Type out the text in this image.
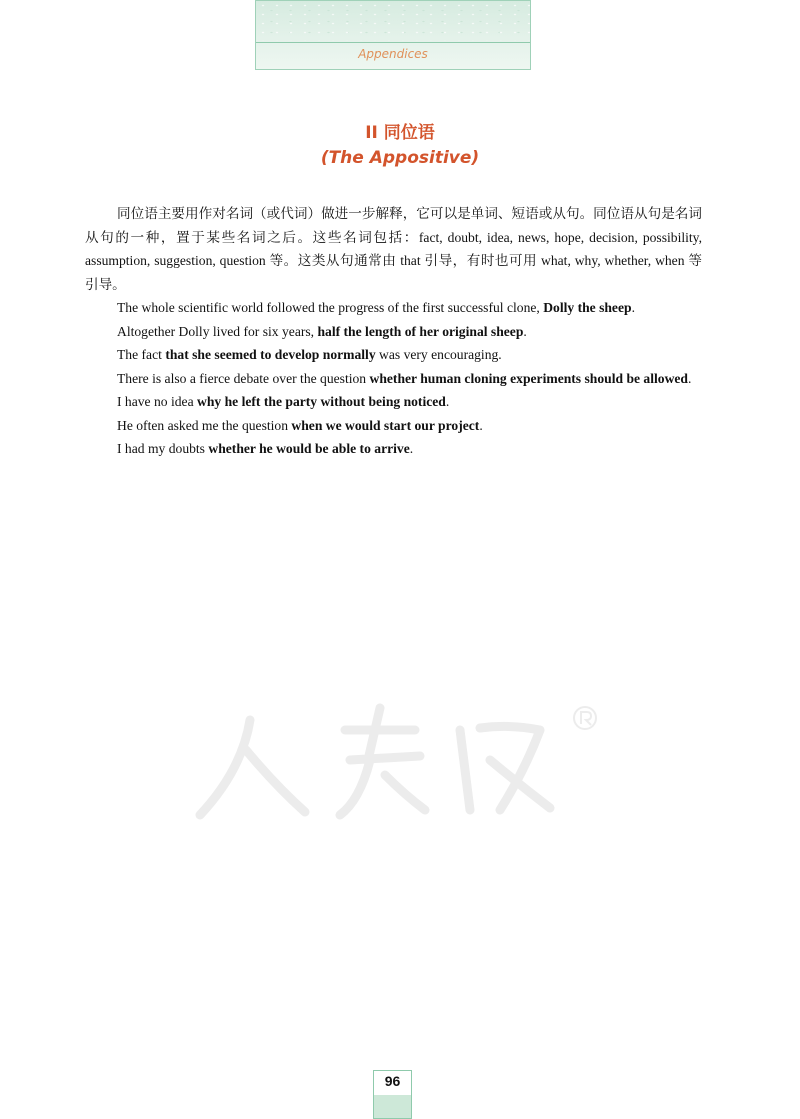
Appendices
II 同位语
(The Appositive)

同位语主要用作对名词（或代词）做进一步解释，它可以是单词、短语或从句。同位语从句是名词从句的一种，置于某些名词之后。这些名词包括：fact, doubt, idea, news, hope, decision, possibility, assumption, suggestion, question 等。这类从句通常由 that 引导，有时也可用 what, why, whether, when 等引导。

The whole scientific world followed the progress of the first successful clone, Dolly the sheep.

Altogether Dolly lived for six years, half the length of her original sheep.

The fact that she seemed to develop normally was very encouraging.

There is also a fierce debate over the question whether human cloning experiments should be allowed.

I have no idea why he left the party without being noticed.

He often asked me the question when we would start our project.

I had my doubts whether he would be able to arrive.

96
